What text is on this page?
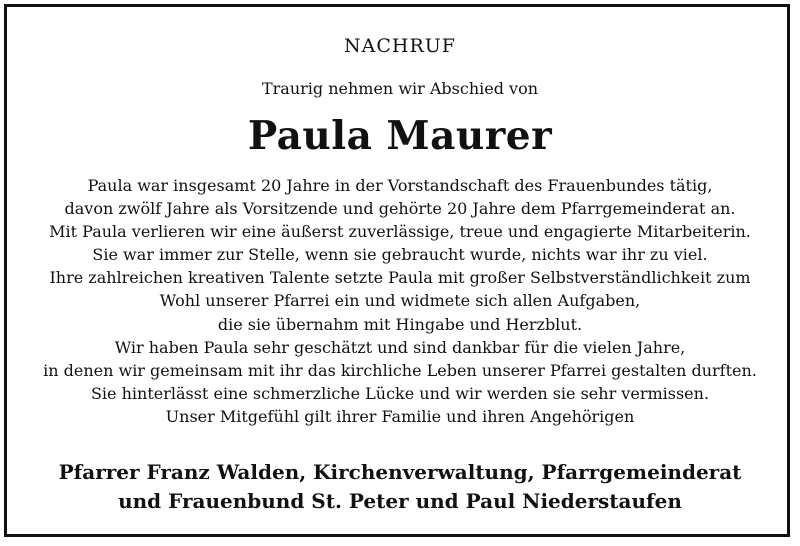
NACHRUF
Traurig nehmen wir Abschied von
Paula Maurer
Paula war insgesamt 20 Jahre in der Vorstandschaft des Frauenbundes tätig,
davon zwölf Jahre als Vorsitzende und gehörte 20 Jahre dem Pfarrgemeinderat an.
Mit Paula verlieren wir eine äußerst zuverlässige, treue und engagierte Mitarbeiterin.
Sie war immer zur Stelle, wenn sie gebraucht wurde, nichts war ihr zu viel.
Ihre zahlreichen kreativen Talente setzte Paula mit großer Selbstverständlichkeit zum
Wohl unserer Pfarrei ein und widmete sich allen Aufgaben,
die sie übernahm mit Hingabe und Herzblut.
Wir haben Paula sehr geschätzt und sind dankbar für die vielen Jahre,
in denen wir gemeinsam mit ihr das kirchliche Leben unserer Pfarrei gestalten durften.
Sie hinterlässt eine schmerzliche Lücke und wir werden sie sehr vermissen.
Unser Mitgefühl gilt ihrer Familie und ihren Angehörigen
Pfarrer Franz Walden, Kirchenverwaltung, Pfarrgemeinderat
und Frauenbund St. Peter und Paul Niederstaufen
